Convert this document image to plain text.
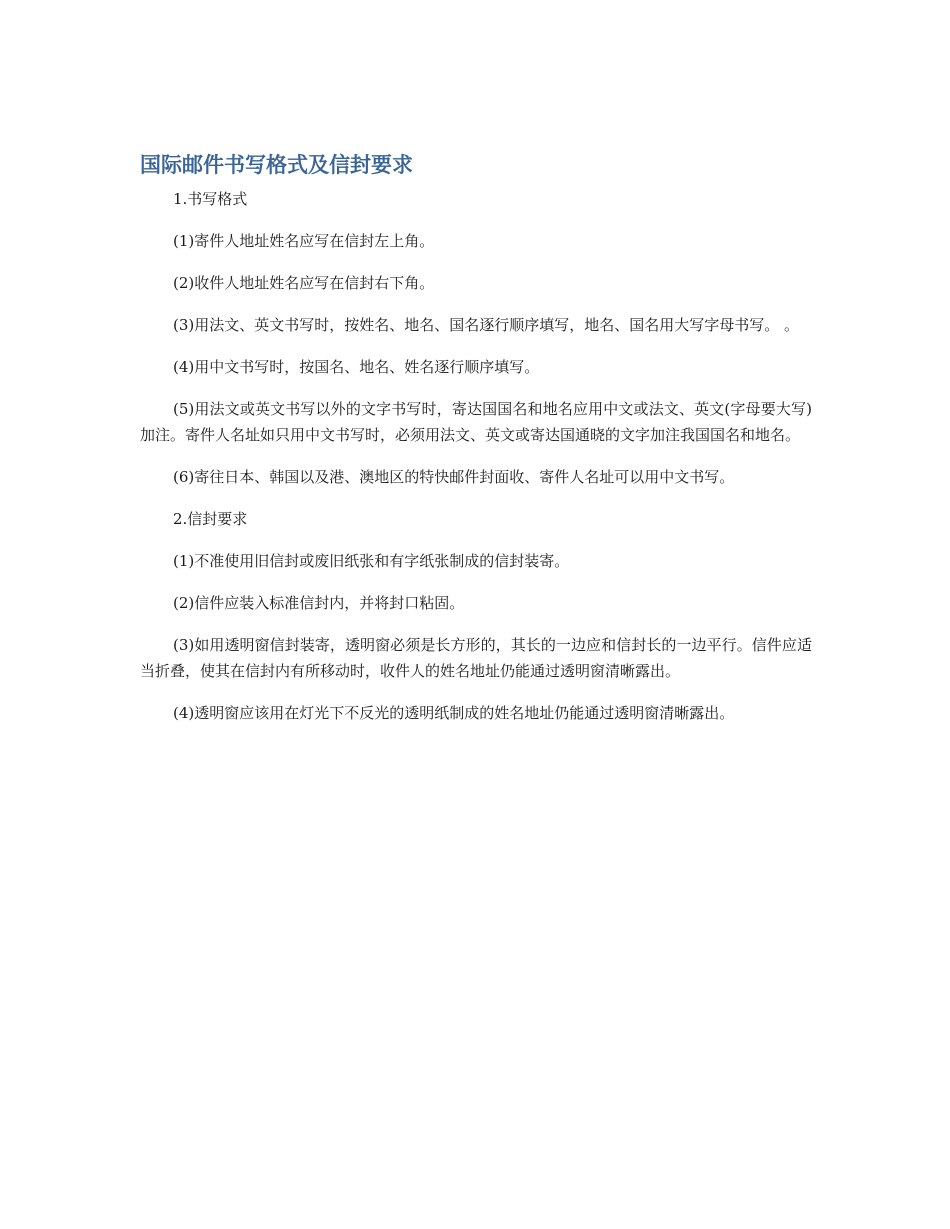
国际邮件书写格式及信封要求

1.书写格式

(1)寄件人地址姓名应写在信封左上角。

(2)收件人地址姓名应写在信封右下角。

(3)用法文、英文书写时，按姓名、地名、国名逐行顺序填写，地名、国名用大写字母书写。 。

(4)用中文书写时，按国名、地名、姓名逐行顺序填写。

(5)用法文或英文书写以外的文字书写时，寄达国国名和地名应用中文或法文、英文(字母要大写)加注。寄件人名址如只用中文书写时，必须用法文、英文或寄达国通晓的文字加注我国国名和地名。

(6)寄往日本、韩国以及港、澳地区的特快邮件封面收、寄件人名址可以用中文书写。

2.信封要求

(1)不准使用旧信封或废旧纸张和有字纸张制成的信封装寄。

(2)信件应装入标准信封内，并将封口粘固。

(3)如用透明窗信封装寄，透明窗必须是长方形的，其长的一边应和信封长的一边平行。信件应适当折叠，使其在信封内有所移动时，收件人的姓名地址仍能通过透明窗清晰露出。

(4)透明窗应该用在灯光下不反光的透明纸制成的姓名地址仍能通过透明窗清晰露出。
